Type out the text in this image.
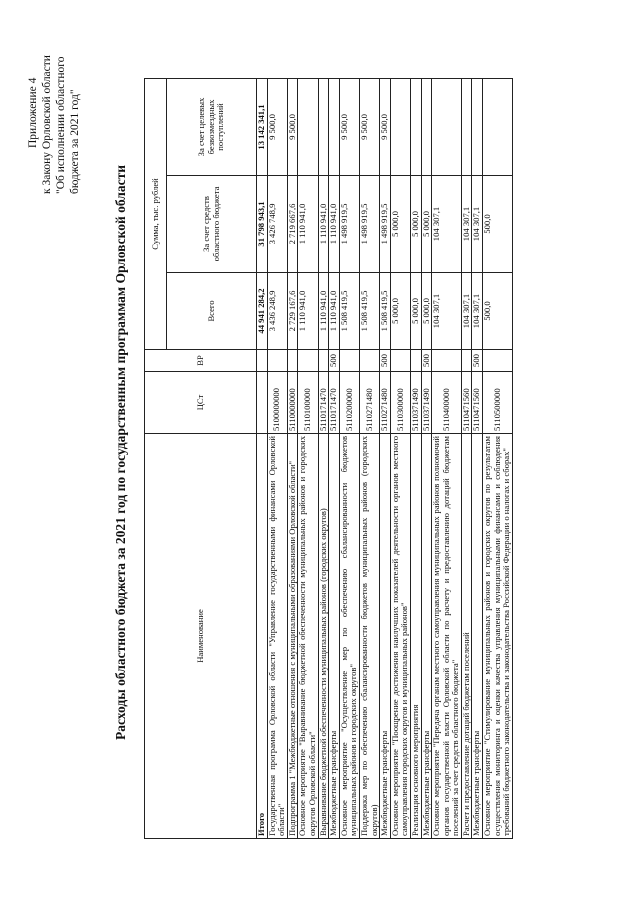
Приложение 4 к Закону Орловской области "Об исполнении областного бюджета за 2021 год"
Расходы областного бюджета за 2021 год по государственным программам Орловской области	Наименование	ЦСт	ВР	Сумма, тыс. рублей		
			Всего	За счет средств областного бюджета	За счет целевых безвозмездных поступлений
Итого			44 941 284,2	31 798 943,1	13 142 341,1
Государственная программа Орловской области "Управление государственными финансами Орловской области"	5100000000		3 436 248,9	3 426 748,9	9 500,0
Подпрограмма 1 "Межбюджетные отношения с муниципальными образованиями Орловской области"	5110000000		2 729 167,6	2 719 667,6	9 500,0
Основное мероприятие "Выравнивание бюджетной обеспеченности муниципальных районов и городских округов Орловской области"	5110100000		1 110 941,0	1 110 941,0	
Выравнивание бюджетной обеспеченности муниципальных районов (городских округов)	5110171470		1 110 941,0	1 110 941,0	
Межбюджетные трансферты	5110171470	500	1 110 941,0	1 110 941,0	
Основное мероприятие "Осуществление мер по обеспечению сбалансированности бюджетов муниципальных районов и городских округов"	5110200000		1 508 419,5	1 498 919,5	9 500,0
Поддержка мер по обеспечению сбалансированности бюджетов муниципальных районов (городских округов)	5110271480		1 508 419,5	1 498 919,5	9 500,0
Межбюджетные трансферты	5110271480	500	1 508 419,5	1 498 919,5	9 500,0
Основное мероприятие "Поощрение достижения наилучших показателей деятельности органов местного самоуправления городских округов и муниципальных районов"	5110300000		5 000,0	5 000,0	
Реализация основного мероприятия	5110371490		5 000,0	5 000,0	
Межбюджетные трансферты	5110371490	500	5 000,0	5 000,0	
Основное мероприятие "Передача органам местного самоуправления муниципальных районов полномочий органов государственной власти Орловской области по расчету и предоставлению дотаций бюджетам поселений за счет средств областного бюджета"	5110400000		104 307,1	104 307,1	
Расчет и предоставление дотаций бюджетам поселений	5110471560		104 307,1	104 307,1	
Межбюджетные трансферты	5110471560	500	104 307,1	104 307,1	
Основное мероприятие "Стимулирование муниципальных районов и городских округов по результатам осуществления мониторинга и оценки качества управления муниципальными финансами и соблюдения требований бюджетного законодательства и законодательства Российской Федерации о налогах и сборах"	5110500000		500,0	500,0	
